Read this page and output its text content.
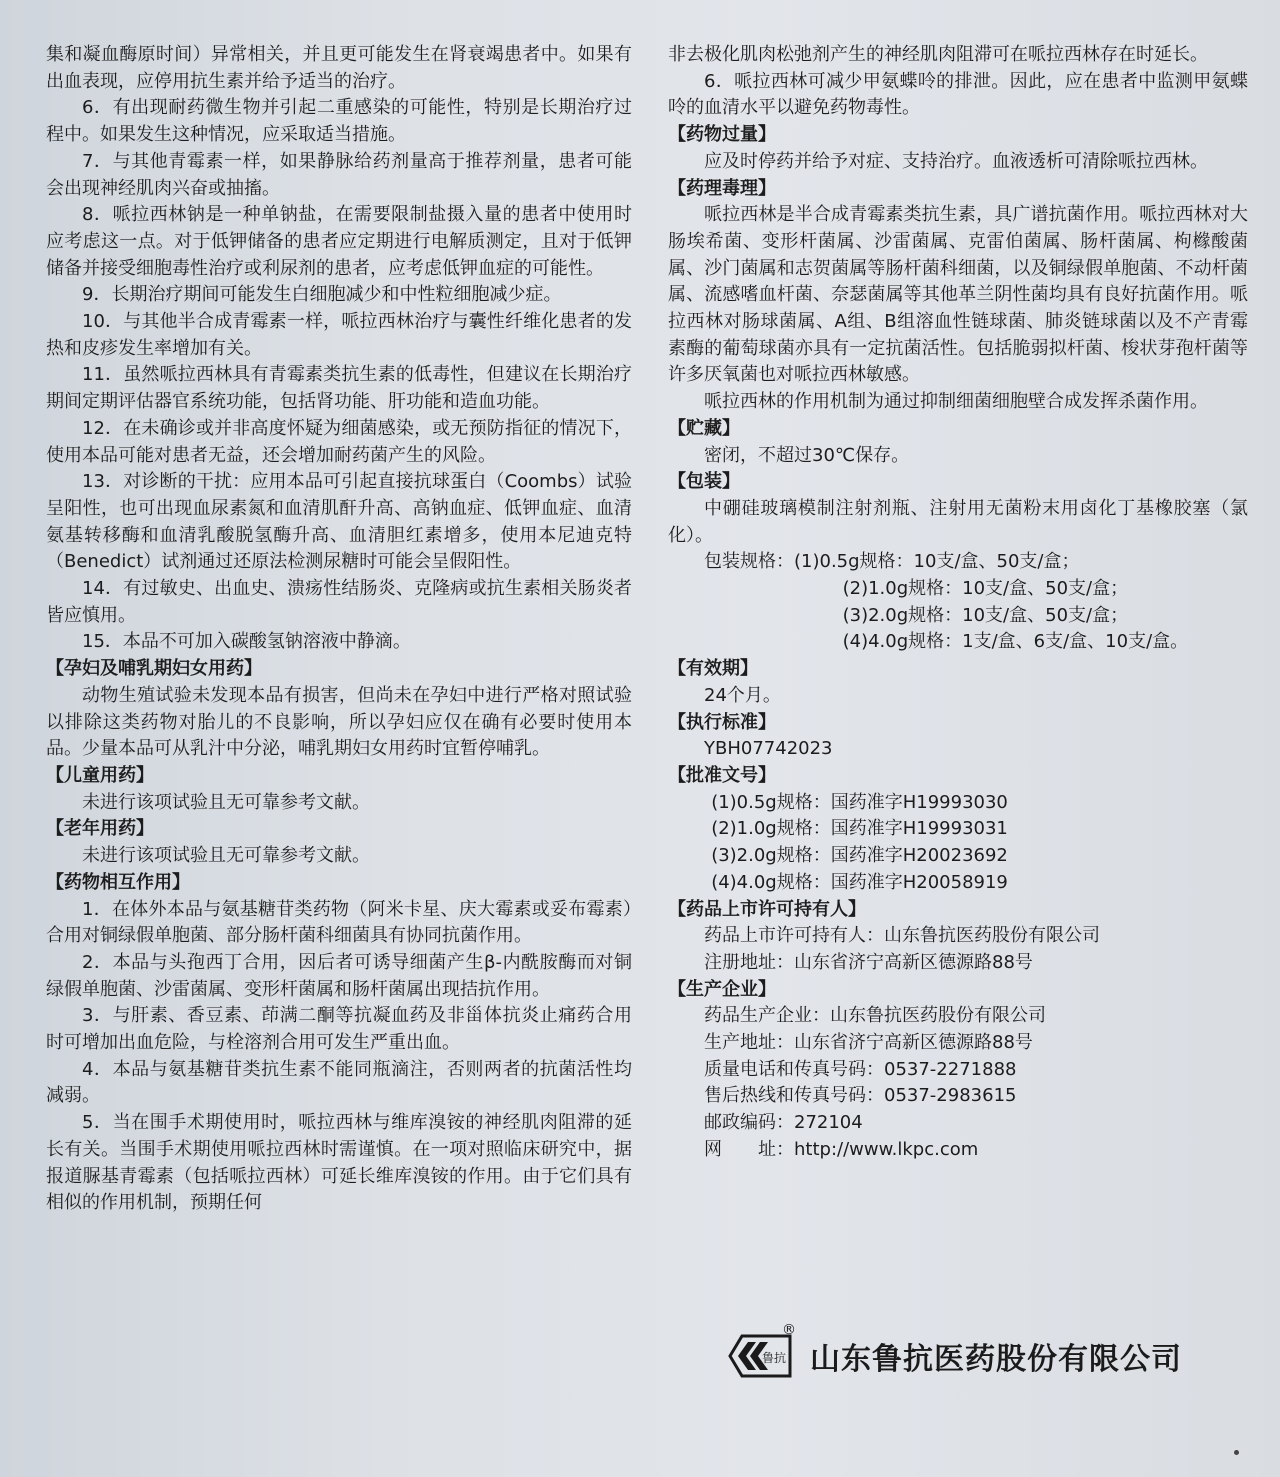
集和凝血酶原时间）异常相关，并且更可能发生在肾衰竭患者中。如果有出血表现，应停用抗生素并给予适当的治疗。

6．有出现耐药微生物并引起二重感染的可能性，特别是长期治疗过程中。如果发生这种情况，应采取适当措施。

7．与其他青霉素一样，如果静脉给药剂量高于推荐剂量，患者可能会出现神经肌肉兴奋或抽搐。

8．哌拉西林钠是一种单钠盐，在需要限制盐摄入量的患者中使用时应考虑这一点。对于低钾储备的患者应定期进行电解质测定，且对于低钾储备并接受细胞毒性治疗或利尿剂的患者，应考虑低钾血症的可能性。

9．长期治疗期间可能发生白细胞减少和中性粒细胞减少症。

10．与其他半合成青霉素一样，哌拉西林治疗与囊性纤维化患者的发热和皮疹发生率增加有关。

11．虽然哌拉西林具有青霉素类抗生素的低毒性，但建议在长期治疗期间定期评估器官系统功能，包括肾功能、肝功能和造血功能。

12．在未确诊或并非高度怀疑为细菌感染，或无预防指征的情况下，使用本品可能对患者无益，还会增加耐药菌产生的风险。

13．对诊断的干扰：应用本品可引起直接抗球蛋白（Coombs）试验呈阳性，也可出现血尿素氮和血清肌酐升高、高钠血症、低钾血症、血清氨基转移酶和血清乳酸脱氢酶升高、血清胆红素增多，使用本尼迪克特（Benedict）试剂通过还原法检测尿糖时可能会呈假阳性。

14．有过敏史、出血史、溃疡性结肠炎、克隆病或抗生素相关肠炎者皆应慎用。

15．本品不可加入碳酸氢钠溶液中静滴。

【孕妇及哺乳期妇女用药】

动物生殖试验未发现本品有损害，但尚未在孕妇中进行严格对照试验以排除这类药物对胎儿的不良影响，所以孕妇应仅在确有必要时使用本品。少量本品可从乳汁中分泌，哺乳期妇女用药时宜暂停哺乳。

【儿童用药】

未进行该项试验且无可靠参考文献。

【老年用药】

未进行该项试验且无可靠参考文献。

【药物相互作用】

1．在体外本品与氨基糖苷类药物（阿米卡星、庆大霉素或妥布霉素）合用对铜绿假单胞菌、部分肠杆菌科细菌具有协同抗菌作用。

2．本品与头孢西丁合用，因后者可诱导细菌产生β-内酰胺酶而对铜绿假单胞菌、沙雷菌属、变形杆菌属和肠杆菌属出现拮抗作用。

3．与肝素、香豆素、茚满二酮等抗凝血药及非甾体抗炎止痛药合用时可增加出血危险，与栓溶剂合用可发生严重出血。

4．本品与氨基糖苷类抗生素不能同瓶滴注，否则两者的抗菌活性均减弱。

5．当在围手术期使用时，哌拉西林与维库溴铵的神经肌肉阻滞的延长有关。当围手术期使用哌拉西林时需谨慎。在一项对照临床研究中，据报道脲基青霉素（包括哌拉西林）可延长维库溴铵的作用。由于它们具有相似的作用机制，预期任何

非去极化肌肉松弛剂产生的神经肌肉阻滞可在哌拉西林存在时延长。

6．哌拉西林可减少甲氨蝶呤的排泄。因此，应在患者中监测甲氨蝶呤的血清水平以避免药物毒性。

【药物过量】

应及时停药并给予对症、支持治疗。血液透析可清除哌拉西林。

【药理毒理】

哌拉西林是半合成青霉素类抗生素，具广谱抗菌作用。哌拉西林对大肠埃希菌、变形杆菌属、沙雷菌属、克雷伯菌属、肠杆菌属、枸橼酸菌属、沙门菌属和志贺菌属等肠杆菌科细菌，以及铜绿假单胞菌、不动杆菌属、流感嗜血杆菌、奈瑟菌属等其他革兰阴性菌均具有良好抗菌作用。哌拉西林对肠球菌属、A组、B组溶血性链球菌、肺炎链球菌以及不产青霉素酶的葡萄球菌亦具有一定抗菌活性。包括脆弱拟杆菌、梭状芽孢杆菌等许多厌氧菌也对哌拉西林敏感。

哌拉西林的作用机制为通过抑制细菌细胞壁合成发挥杀菌作用。

【贮藏】

密闭，不超过30℃保存。

【包装】

中硼硅玻璃模制注射剂瓶、注射用无菌粉末用卤化丁基橡胶塞（氯化）。

包装规格：(1)0.5g规格：10支/盒、50支/盒；

(2)1.0g规格：10支/盒、50支/盒；

(3)2.0g规格：10支/盒、50支/盒；

(4)4.0g规格：1支/盒、6支/盒、10支/盒。

【有效期】

24个月。

【执行标准】

YBH07742023

【批准文号】

(1)0.5g规格：国药准字H19993030

(2)1.0g规格：国药准字H19993031

(3)2.0g规格：国药准字H20023692

(4)4.0g规格：国药准字H20058919

【药品上市许可持有人】

药品上市许可持有人：山东鲁抗医药股份有限公司

注册地址：山东省济宁高新区德源路88号

【生产企业】

药品生产企业：山东鲁抗医药股份有限公司

生产地址：山东省济宁高新区德源路88号

质量电话和传真号码：0537-2271888

售后热线和传真号码：0537-2983615

邮政编码：272104

网　　址：http://www.lkpc.com

鲁抗
®
山东鲁抗医药股份有限公司
